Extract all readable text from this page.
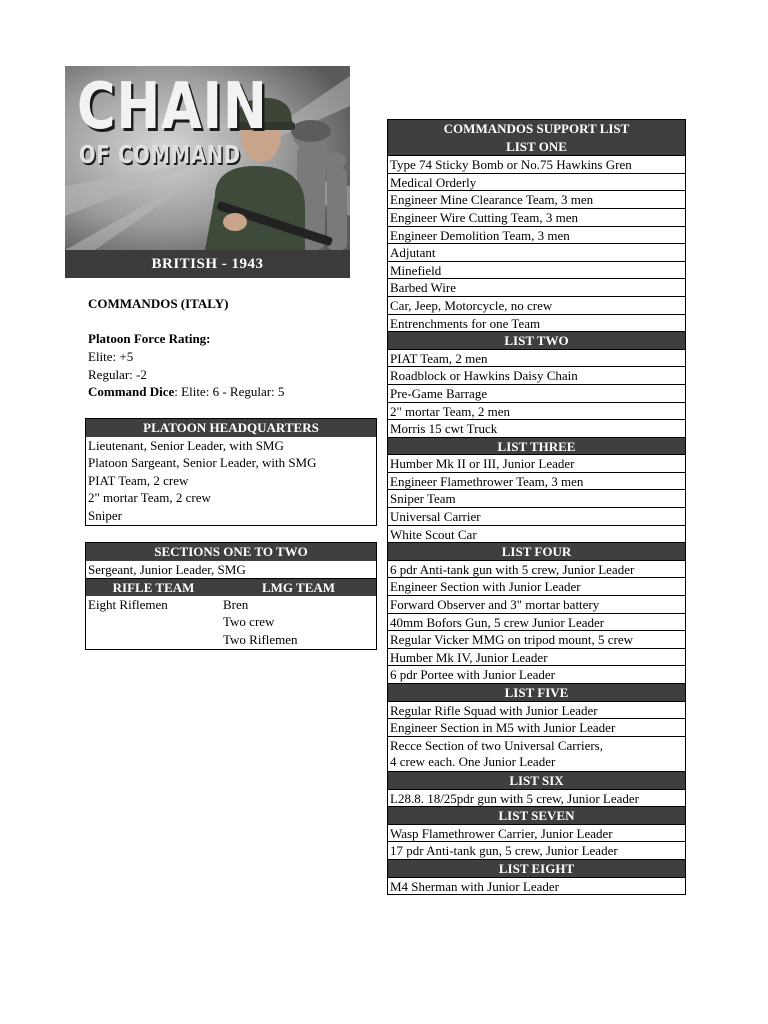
CHAIN
OF COMMAND
BRITISH - 1943
COMMANDOS (ITALY)
Platoon Force Rating:
Elite: +5
Regular: -2
Command Dice: Elite: 6 - Regular: 5
PLATOON HEADQUARTERS
Lieutenant, Senior Leader, with SMG
Platoon Sargeant, Senior Leader, with SMG
PIAT Team, 2 crew
2" mortar Team, 2 crew
Sniper
SECTIONS ONE TO TWO
Sergeant, Junior Leader, SMG
RIFLE TEAM	LMG TEAM
Eight Riflemen	Bren
Two crew
Two Riflemen
COMMANDOS SUPPORT LIST
LIST ONE
Type 74 Sticky Bomb or No.75 Hawkins Gren
Medical Orderly
Engineer Mine Clearance Team, 3 men
Engineer Wire Cutting Team, 3 men
Engineer Demolition Team, 3 men
Adjutant
Minefield
Barbed Wire
Car, Jeep, Motorcycle, no crew
Entrenchments for one Team
LIST TWO
PIAT Team, 2 men
Roadblock or Hawkins Daisy Chain
Pre-Game Barrage
2" mortar Team, 2 men
Morris 15 cwt Truck
LIST THREE
Humber Mk II or III, Junior Leader
Engineer Flamethrower Team, 3 men
Sniper Team
Universal Carrier
White Scout Car
LIST FOUR
6 pdr Anti-tank gun with 5 crew, Junior Leader
Engineer Section with Junior Leader
Forward Observer and 3" mortar battery
40mm Bofors Gun, 5 crew Junior Leader
Regular Vicker MMG on tripod mount, 5 crew
Humber Mk IV, Junior Leader
6 pdr Portee with Junior Leader
LIST FIVE
Regular Rifle Squad with Junior Leader
Engineer Section in M5 with Junior Leader
Recce Section of two Universal Carriers,
4 crew each. One Junior Leader
LIST SIX
L28.8. 18/25pdr gun with 5 crew, Junior Leader
LIST SEVEN
Wasp Flamethrower Carrier, Junior Leader
17 pdr Anti-tank gun, 5 crew, Junior Leader
LIST EIGHT
M4 Sherman with Junior Leader
